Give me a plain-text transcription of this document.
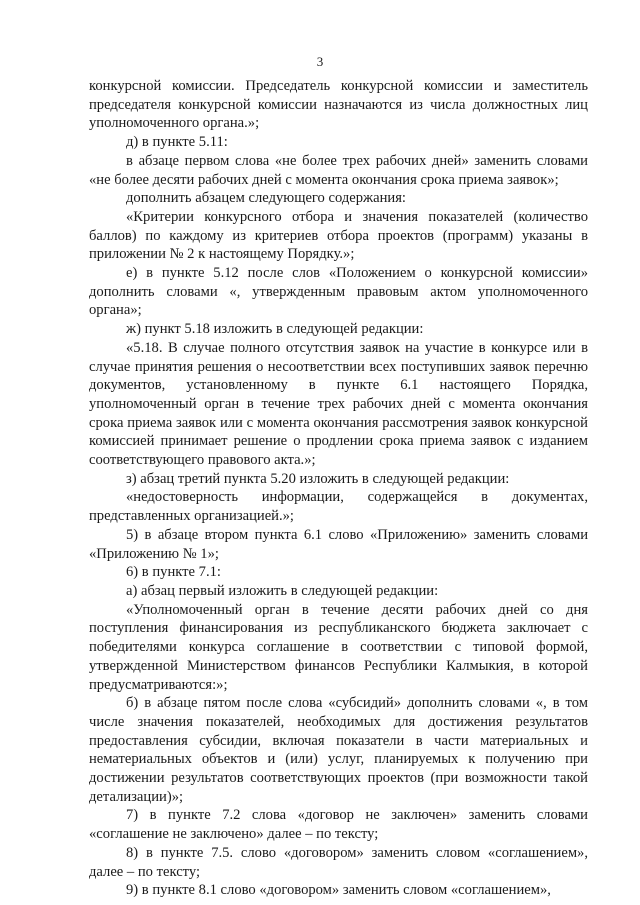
3

конкурсной комиссии. Председатель конкурсной комиссии и заместитель председателя конкурсной комиссии назначаются из числа должностных лиц уполномоченного органа.»;

д) в пункте 5.11:

в абзаце первом слова «не более трех рабочих дней» заменить словами «не более десяти рабочих дней с момента окончания срока приема заявок»;

дополнить абзацем следующего содержания:

«Критерии конкурсного отбора и значения показателей (количество баллов) по каждому из критериев отбора проектов (программ) указаны в приложении № 2 к настоящему Порядку.»;

е) в пункте 5.12 после слов «Положением о конкурсной комиссии» дополнить словами «, утвержденным правовым актом уполномоченного органа»;

ж) пункт 5.18 изложить в следующей редакции:

«5.18. В случае полного отсутствия заявок на участие в конкурсе или в случае принятия решения о несоответствии всех поступивших заявок перечню документов, установленному в пункте 6.1 настоящего Порядка, уполномоченный орган в течение трех рабочих дней с момента окончания срока приема заявок или с момента окончания рассмотрения заявок конкурсной комиссией принимает решение о продлении срока приема заявок с изданием соответствующего правового акта.»;

з) абзац третий пункта 5.20 изложить в следующей редакции:

«недостоверность информации, содержащейся в документах, представленных организацией.»;

5) в абзаце втором пункта 6.1 слово «Приложению» заменить словами «Приложению № 1»;

6) в пункте 7.1:

а) абзац первый изложить в следующей редакции:

«Уполномоченный орган в течение десяти рабочих дней со дня поступления финансирования из республиканского бюджета заключает с победителями конкурса соглашение в соответствии с типовой формой, утвержденной Министерством финансов Республики Калмыкия, в которой предусматриваются:»;

б) в абзаце пятом после слова «субсидий» дополнить словами «, в том числе значения показателей, необходимых для достижения результатов предоставления субсидии, включая показатели в части материальных и нематериальных объектов и (или) услуг, планируемых к получению при достижении результатов соответствующих проектов (при возможности такой детализации)»;

7) в пункте 7.2 слова «договор не заключен» заменить словами «соглашение не заключено» далее – по тексту;

8) в пункте 7.5. слово «договором» заменить словом «соглашением», далее – по тексту;

9) в пункте 8.1 слово «договором» заменить словом «соглашением»,
